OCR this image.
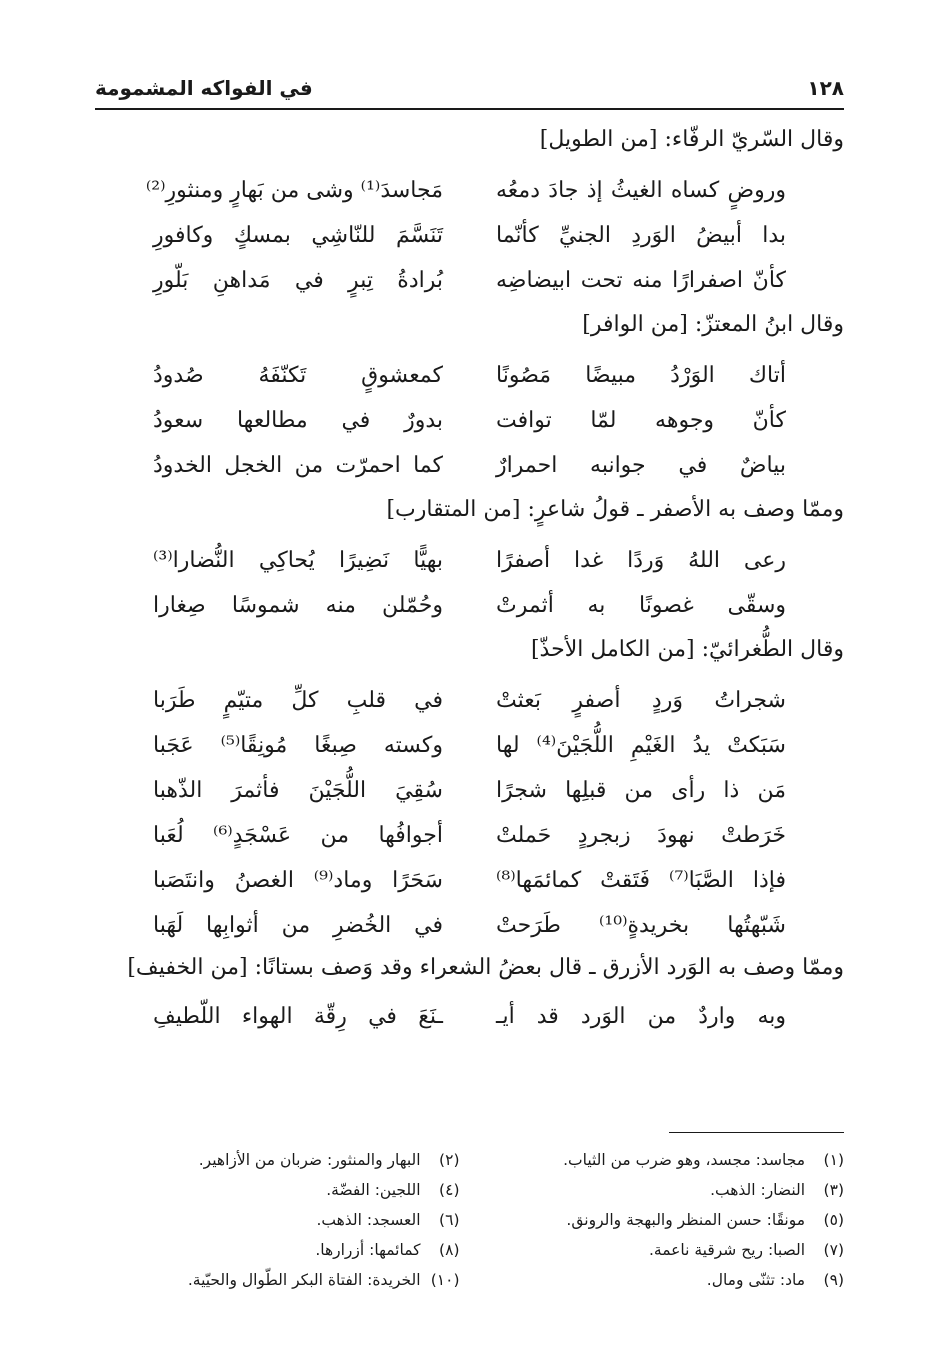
١٢٨
في الفواكه المشمومة
وقال السّريّ الرفّاء: [من الطويل]
وروضٍ كساه الغيثُ إذ جادَ دمعُه
مَجاسدَ⁽¹⁾ وشى من بَهارٍ ومنثورِ⁽²⁾
بدا أبيضُ الوَردِ الجنيِّ كأنّما
تَنَسَّمَ للنّاشِي بمسكٍ وكافورِ
كأنّ اصفرارًا منه تحت ابيضاضِه
بُرادةُ تِبرٍ في مَداهنِ بَلّورِ
وقال ابنُ المعتزّ: [من الوافر]
أتاك الوَرْدُ مبيضًا مَصُونًا
كمعشوقٍ تَكنّفَهُ صُدودُ
كأنّ وجوهه لمّا توافت
بدورٌ في مطالعها سعودُ
بياضٌ في جوانبه احمرارٌ
كما احمرّت من الخجل الخدودُ
وممّا وصف به الأصفر ـ قولُ شاعرٍ: [من المتقارب]
رعى اللهُ وَردًا غدا أصفرًا
بهيًّا نَضِيرًا يُحاكِي النُّضارا⁽³⁾
وسقّى غصونًا به أثمرتْ
وحُمّلن منه شموسًا صِغارا
وقال الطُّغرائيّ: [من الكامل الأحذّ]
شجراتُ وَردٍ أصفرٍ بَعثتْ
في قلبِ كلِّ متيّمٍ طَرَبا
سَبَكتْ يدُ الغَيْمِ اللُّجَيْنَ⁽⁴⁾ لها
وكسته صِبغًا مُونِقًا⁽⁵⁾ عَجَبا
مَن ذا رأى من قبلِها شجرًا
سُقِيَ اللُّجَيْنَ فأثمرَ الذّهبا
خَرَطتْ نهودَ زبجردٍ حَملتْ
أجوافُها من عَسْجَدٍ⁽⁶⁾ لُعَبا
فإذا الصَّبَا⁽⁷⁾ فَتَقتْ كمائمَها⁽⁸⁾
سَحَرًا وماد⁽⁹⁾ الغصنُ وانتَصَبا
شَبّهتُها بخريدةٍ⁽¹⁰⁾ طَرَحتْ
في الخُضرِ من أثوابِها لَهَبا
وممّا وصف به الوَرد الأزرق ـ قال بعضُ الشعراء وقد وَصف بستانًا: [من الخفيف]
وبه واردٌ من الوَرد قد أيـ
ـنَعَ في رِقّة الهواء اللّطيفِ
(١) مجاسد: مجسد، وهو ضرب من الثياب.
(٢) البهار والمنثور: ضربان من الأزاهير.
(٣) النضار: الذهب.
(٤) اللجين: الفضّة.
(٥) مونقًا: حسن المنظر والبهجة والرونق.
(٦) العسجد: الذهب.
(٧) الصبا: ريح شرقية ناعمة.
(٨) كمائمها: أزرارها.
(٩) ماد: تثنّى ومال.
(١٠) الخريدة: الفتاة البكر الطّوال والحيّية.
